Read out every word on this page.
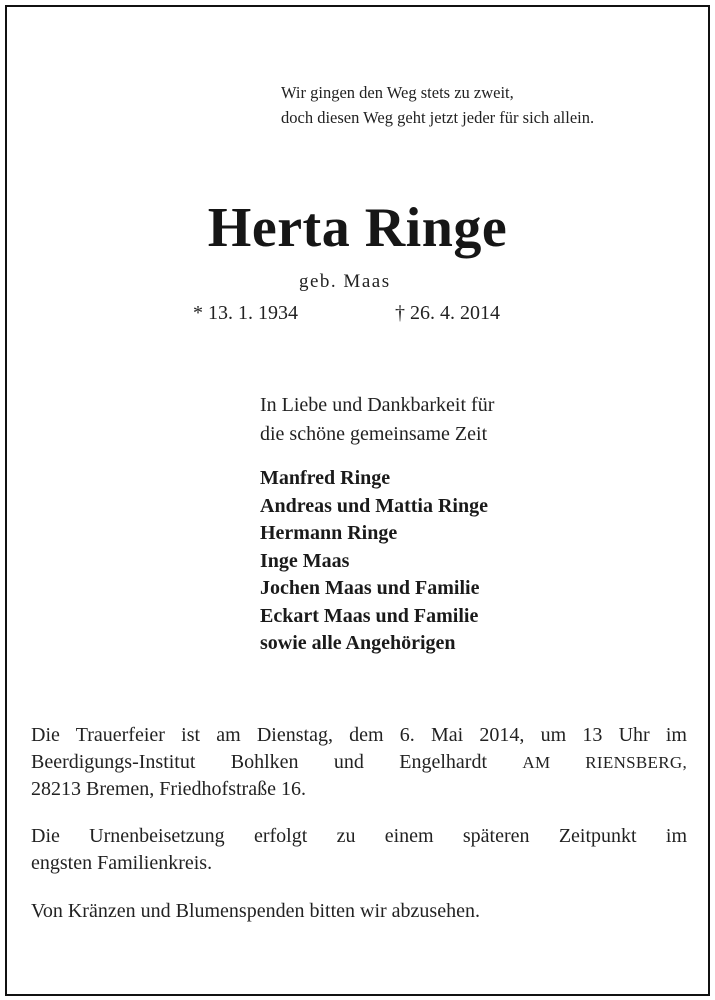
Wir gingen den Weg stets zu zweit,
doch diesen Weg geht jetzt jeder für sich allein.
Herta Ringe
geb. Maas
* 13. 1. 1934	† 26. 4. 2014
In Liebe und Dankbarkeit für
die schöne gemeinsame Zeit
Manfred Ringe
Andreas und Mattia Ringe
Hermann Ringe
Inge Maas
Jochen Maas und Familie
Eckart Maas und Familie
sowie alle Angehörigen
Die Trauerfeier ist am Dienstag, dem 6. Mai 2014, um 13 Uhr im
Beerdigungs-Institut Bohlken und Engelhardt AM RIENSBERG,
28213 Bremen, Friedhofstraße 16.
Die Urnenbeisetzung erfolgt zu einem späteren Zeitpunkt im
engsten Familienkreis.
Von Kränzen und Blumenspenden bitten wir abzusehen.
